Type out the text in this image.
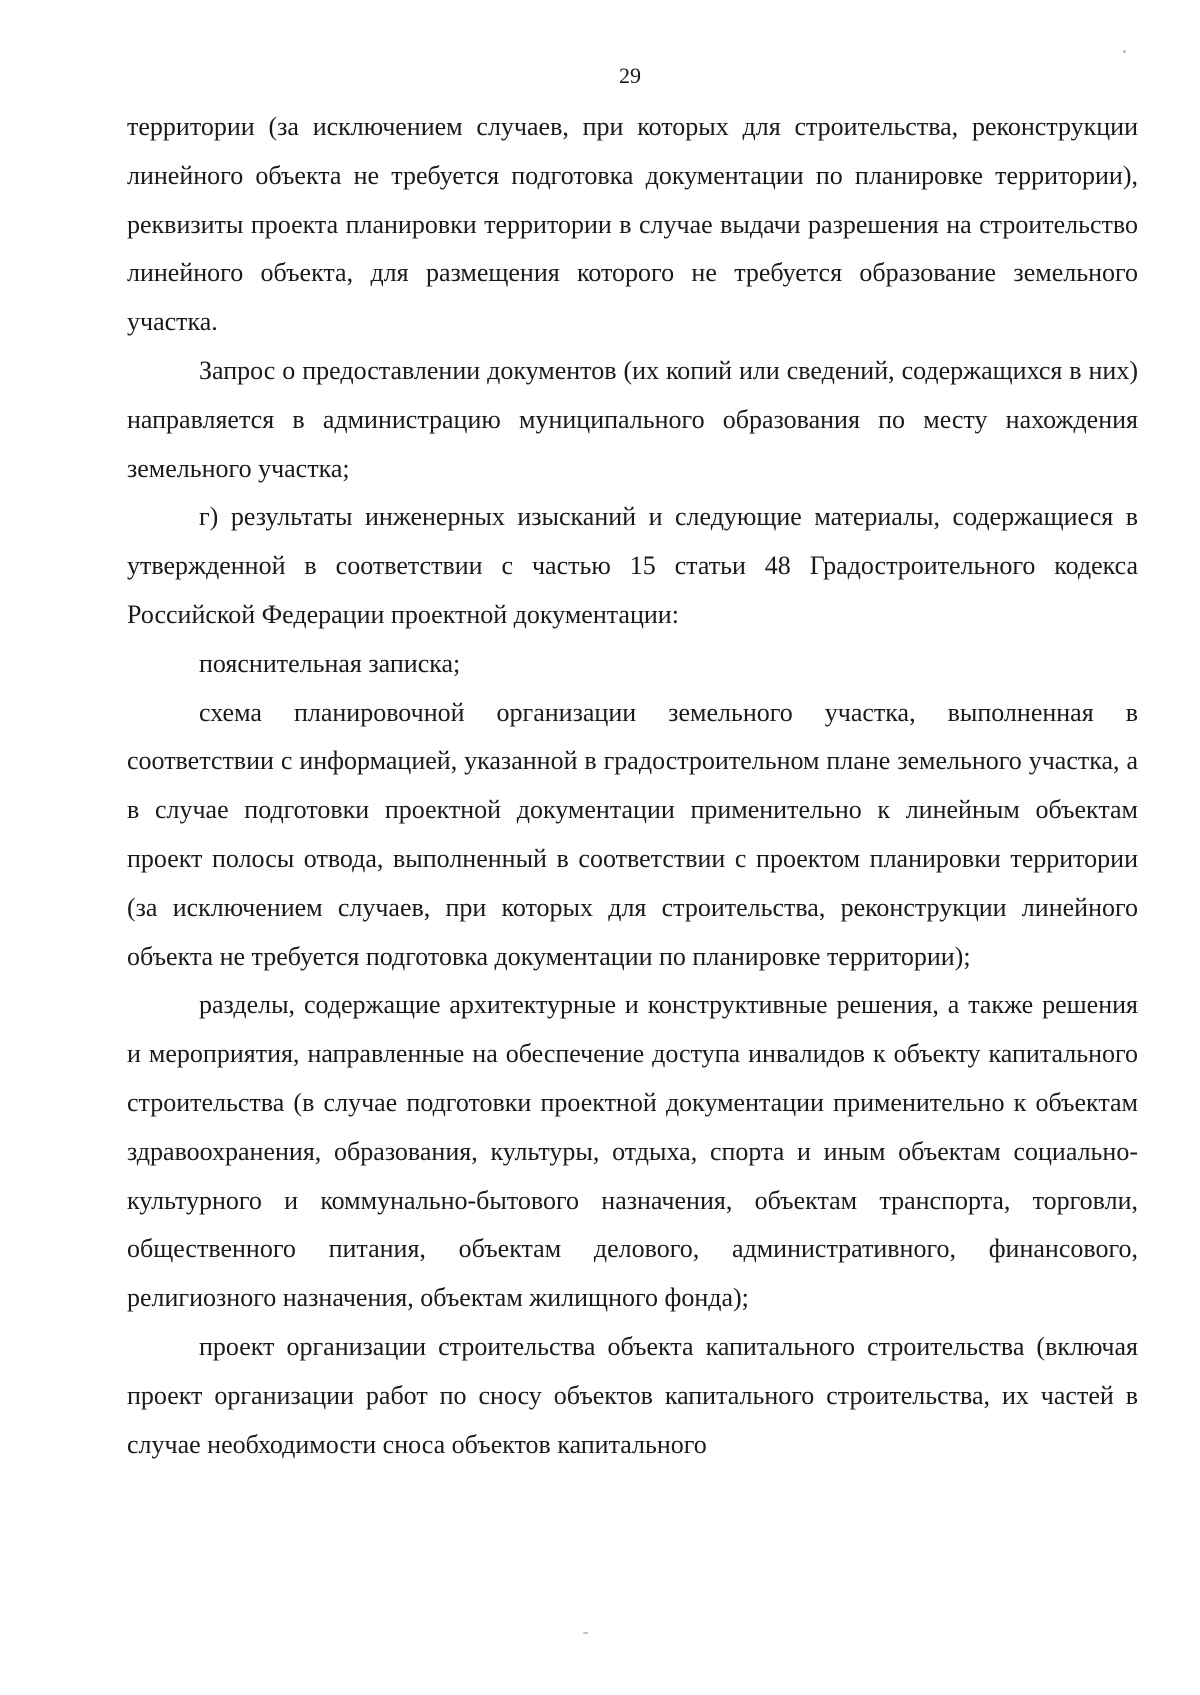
29

территории (за исключением случаев, при которых для строительства, реконструкции линейного объекта не требуется подготовка документации по планировке территории), реквизиты проекта планировки территории в случае выдачи разрешения на строительство линейного объекта, для размещения которого не требуется образование земельного участка.

Запрос о предоставлении документов (их копий или сведений, содержащихся в них) направляется в администрацию муниципального образования по месту нахождения земельного участка;

г) результаты инженерных изысканий и следующие материалы, содержащиеся в утвержденной в соответствии с частью 15 статьи 48 Градостроительного кодекса Российской Федерации проектной документации:

пояснительная записка;

схема планировочной организации земельного участка, выполненная в соответствии с информацией, указанной в градостроительном плане земельного участка, а в случае подготовки проектной документации применительно к линейным объектам проект полосы отвода, выполненный в соответствии с проектом планировки территории (за исключением случаев, при которых для строительства, реконструкции линейного объекта не требуется подготовка документации по планировке территории);

разделы, содержащие архитектурные и конструктивные решения, а также решения и мероприятия, направленные на обеспечение доступа инвалидов к объекту капитального строительства (в случае подготовки проектной документации применительно к объектам здравоохранения, образования, культуры, отдыха, спорта и иным объектам социально-культурного и коммунально-бытового назначения, объектам транспорта, торговли, общественного питания, объектам делового, административного, финансового, религиозного назначения, объектам жилищного фонда);

проект организации строительства объекта капитального строительства (включая проект организации работ по сносу объектов капитального строительства, их частей в случае необходимости сноса объектов капитального
